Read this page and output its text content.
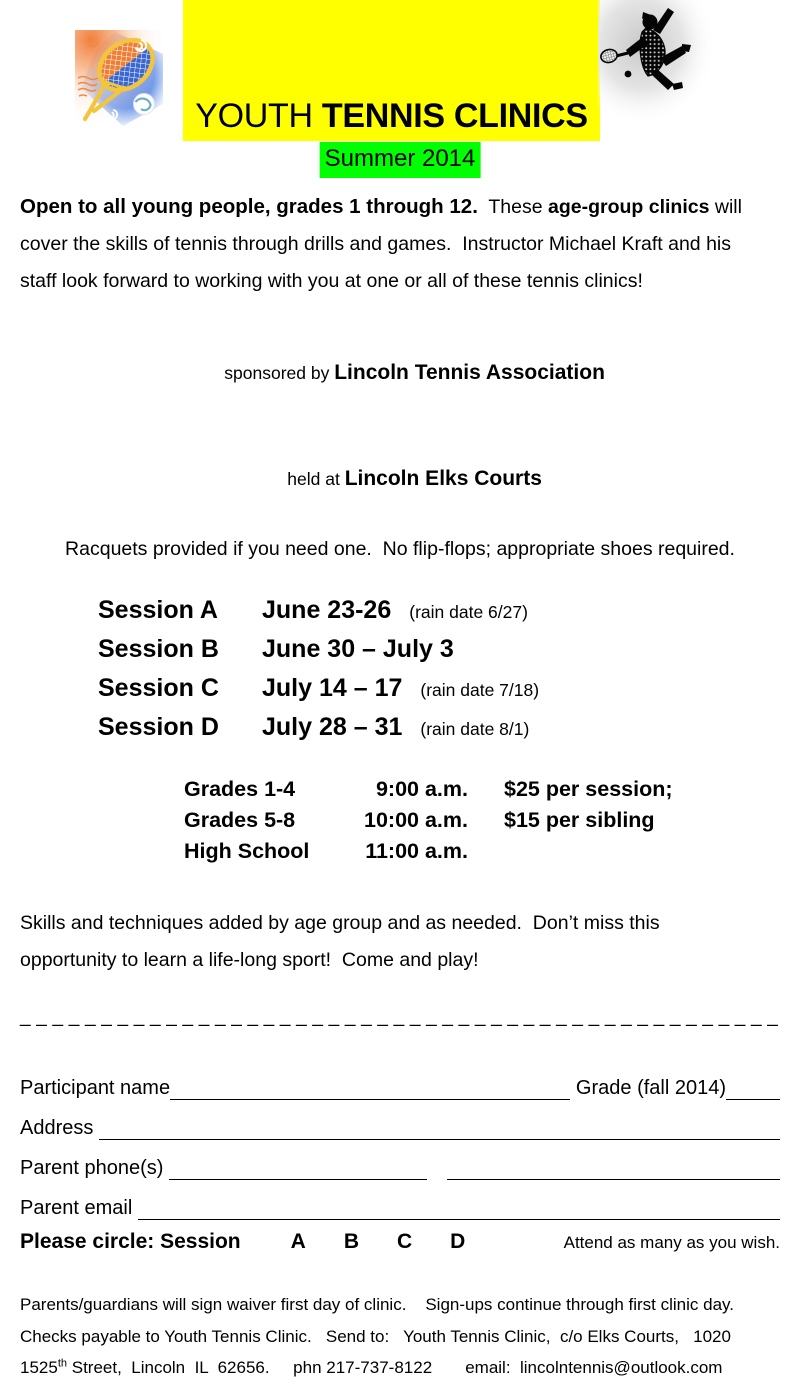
YOUTH TENNIS CLINICS
Summer 2014

Open to all young people, grades 1 through 12.  These age-group clinics will
cover the skills of tennis through drills and games.  Instructor Michael Kraft and his
staff look forward to working with you at one or all of these tennis clinics!

sponsored by Lincoln Tennis Association

held at Lincoln Elks Courts

Racquets provided if you need one.  No flip-flops; appropriate shoes required.
Session A June 23-26 (rain date 6/27)
Session B June 30 – July 3
Session C July 14 – 17 (rain date 7/18)
Session D July 28 – 31 (rain date 8/1)
Grades 1-4	9:00 a.m.	$25 per session;
Grades 5-8	10:00 a.m.	$15 per sibling
High School	11:00 a.m.

Skills and techniques added by age group and as needed.  Don’t miss this
opportunity to learn a life-long sport!  Come and play!

_ _ _ _ _ _ _ _ _ _ _ _ _ _ _ _ _ _ _ _ _ _ _ _ _ _ _ _ _ _ _ _ _ _ _ _ _ _ _ _ _ _ _ _ _ _ _
Participant name	Grade (fall 2014)
Address
Parent phone(s)
Parent email
Please circle: Session A B C D	Attend as many as you wish.
Parents/guardians will sign waiver first day of clinic.    Sign-ups continue through first clinic day.
Checks payable to Youth Tennis Clinic.   Send to:   Youth Tennis Clinic,  c/o Elks Courts,   1020
1525th Street,  Lincoln  IL  62656.     phn 217-737-8122       email:  lincolntennis@outlook.com
